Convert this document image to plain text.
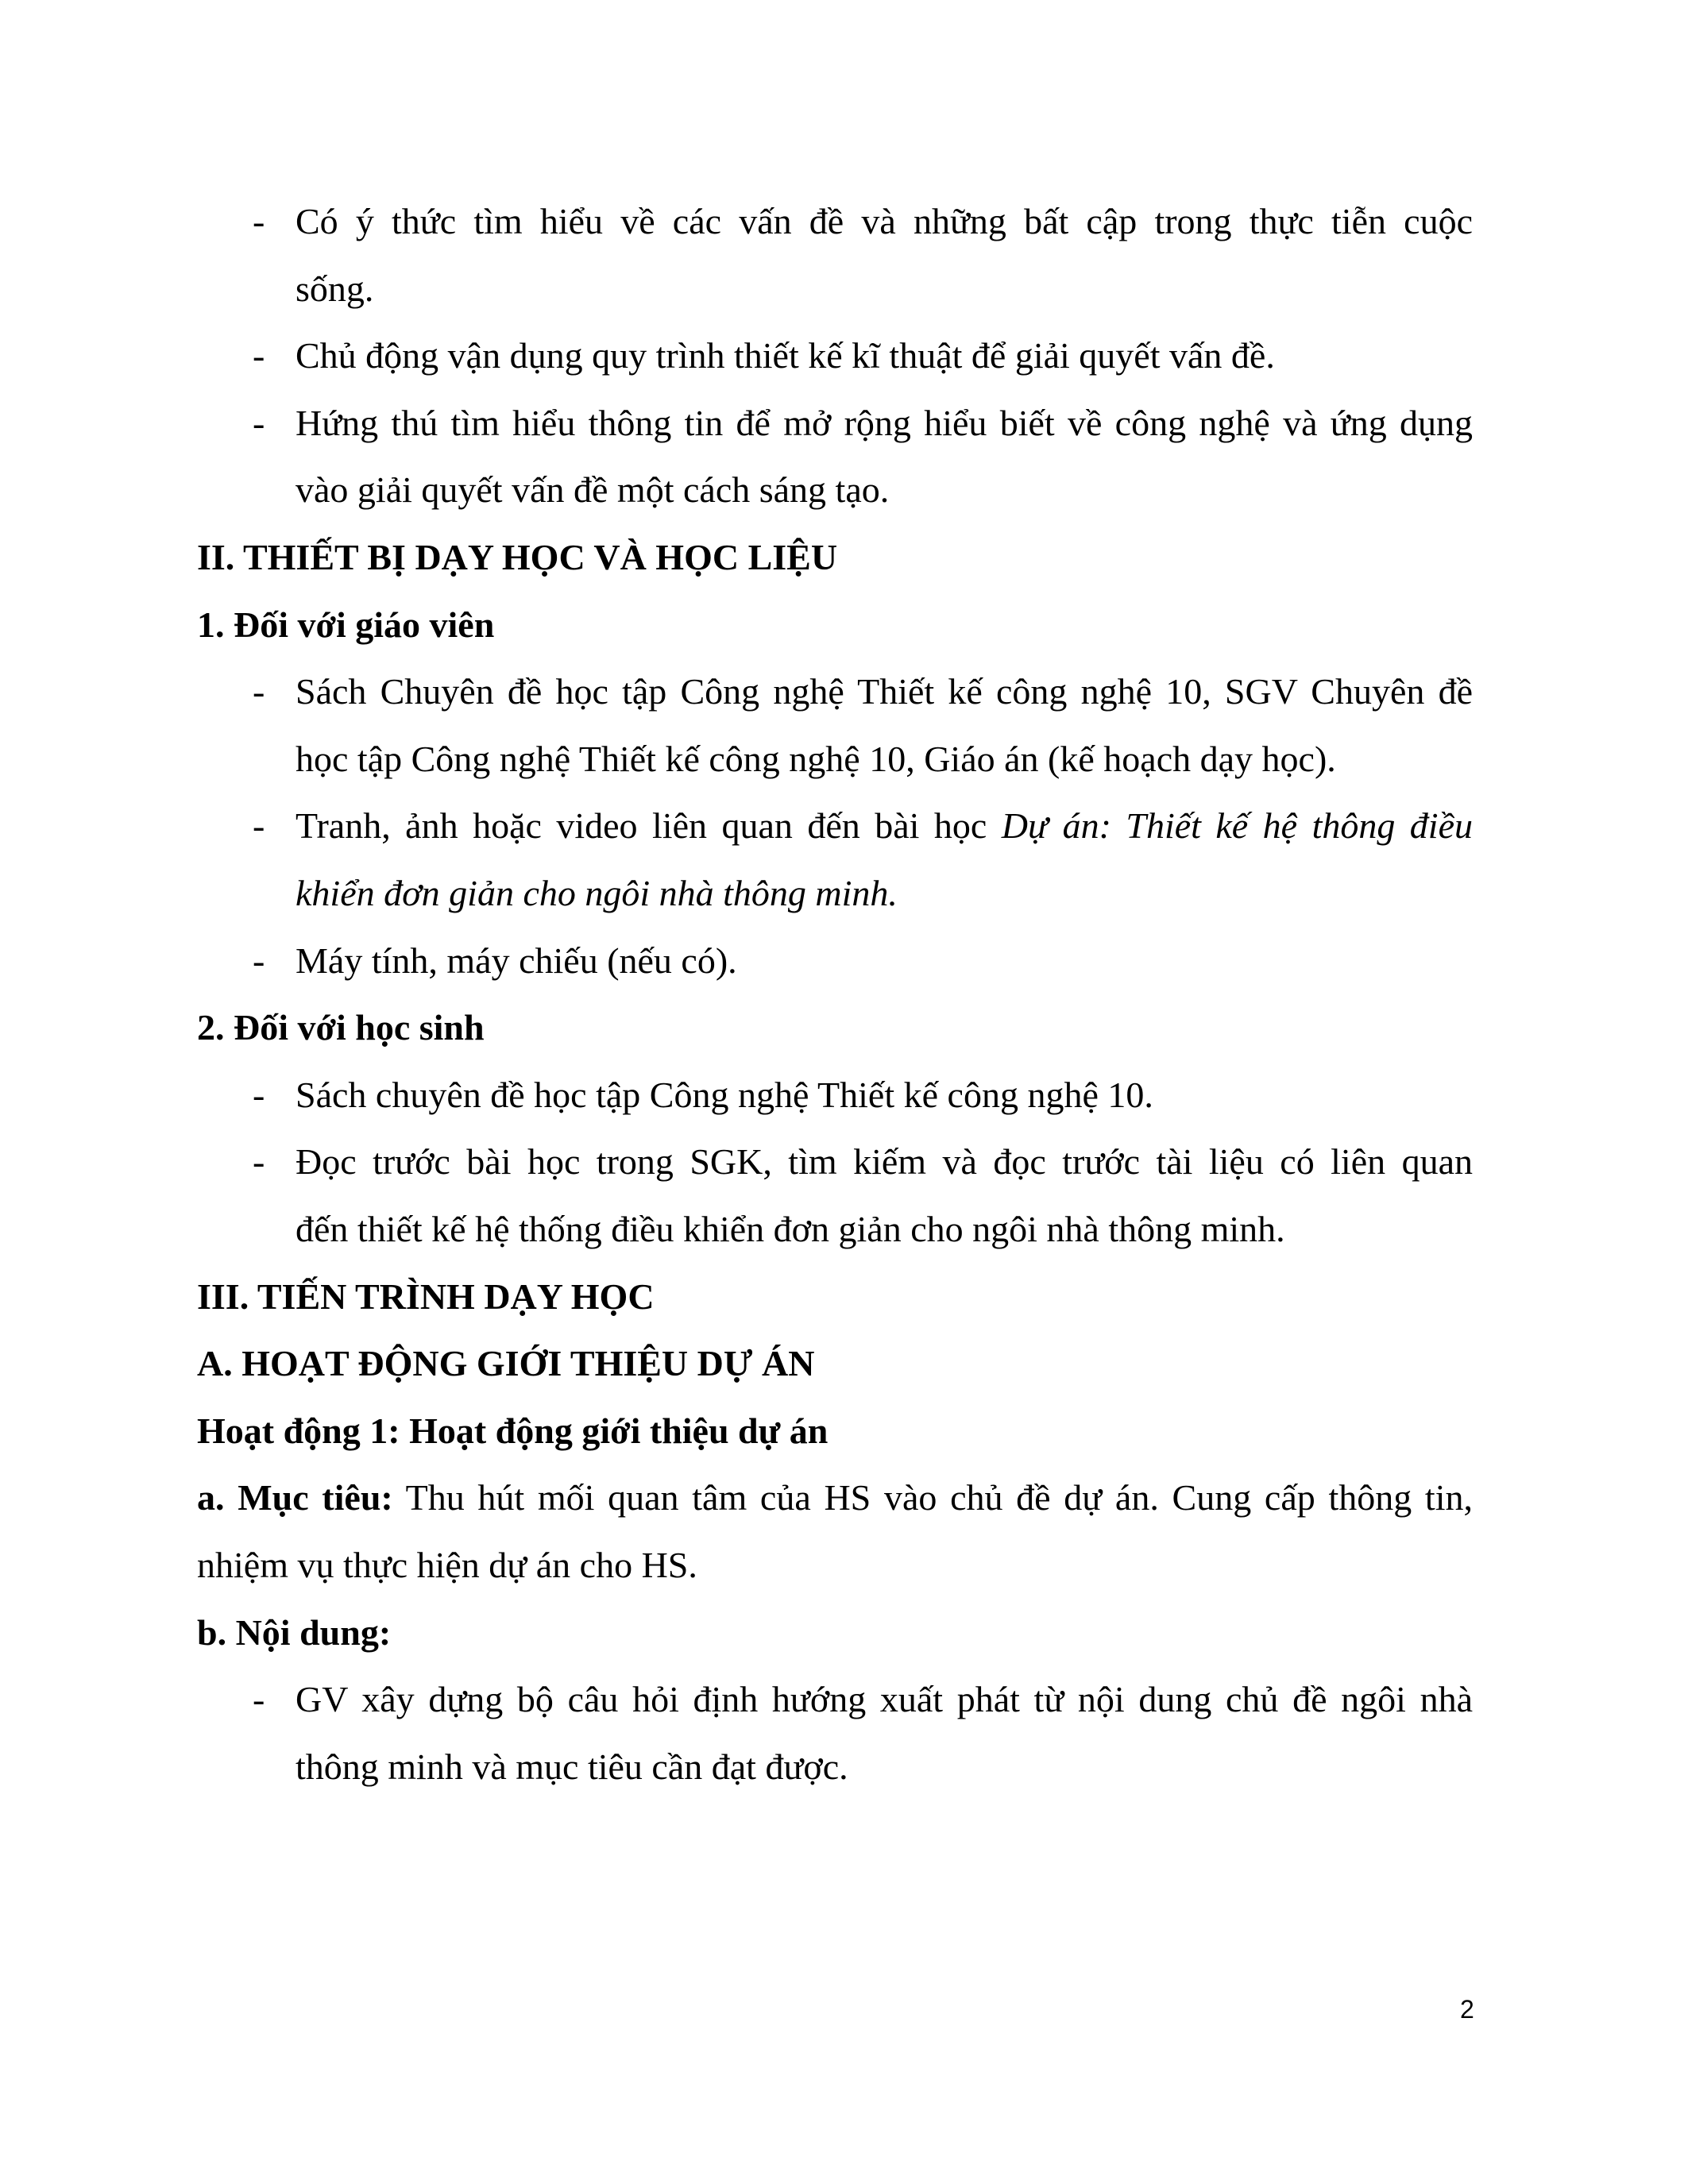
- Có ý thức tìm hiểu về các vấn đề và những bất cập trong thực tiễn cuộc
sống.
- Chủ động vận dụng quy trình thiết kế kĩ thuật để giải quyết vấn đề.
- Hứng thú tìm hiểu thông tin để mở rộng hiểu biết về công nghệ và ứng dụng
vào giải quyết vấn đề một cách sáng tạo.
II. THIẾT BỊ DẠY HỌC VÀ HỌC LIỆU
1. Đối với giáo viên
- Sách Chuyên đề học tập Công nghệ Thiết kế công nghệ 10, SGV Chuyên đề
học tập Công nghệ Thiết kế công nghệ 10, Giáo án (kế hoạch dạy học).
- Tranh, ảnh hoặc video liên quan đến bài học Dự án: Thiết kế hệ thông điều
khiển đơn giản cho ngôi nhà thông minh.
- Máy tính, máy chiếu (nếu có).
2. Đối với học sinh
- Sách chuyên đề học tập Công nghệ Thiết kế công nghệ 10.
- Đọc trước bài học trong SGK, tìm kiếm và đọc trước tài liệu có liên quan
đến thiết kế hệ thống điều khiển đơn giản cho ngôi nhà thông minh.
III. TIẾN TRÌNH DẠY HỌC
A. HOẠT ĐỘNG GIỚI THIỆU DỰ ÁN
Hoạt động 1: Hoạt động giới thiệu dự án
a. Mục tiêu: Thu hút mối quan tâm của HS vào chủ đề dự án. Cung cấp thông tin,
nhiệm vụ thực hiện dự án cho HS.
b. Nội dung:
- GV xây dựng bộ câu hỏi định hướng xuất phát từ nội dung chủ đề ngôi nhà
thông minh và mục tiêu cần đạt được.
2
